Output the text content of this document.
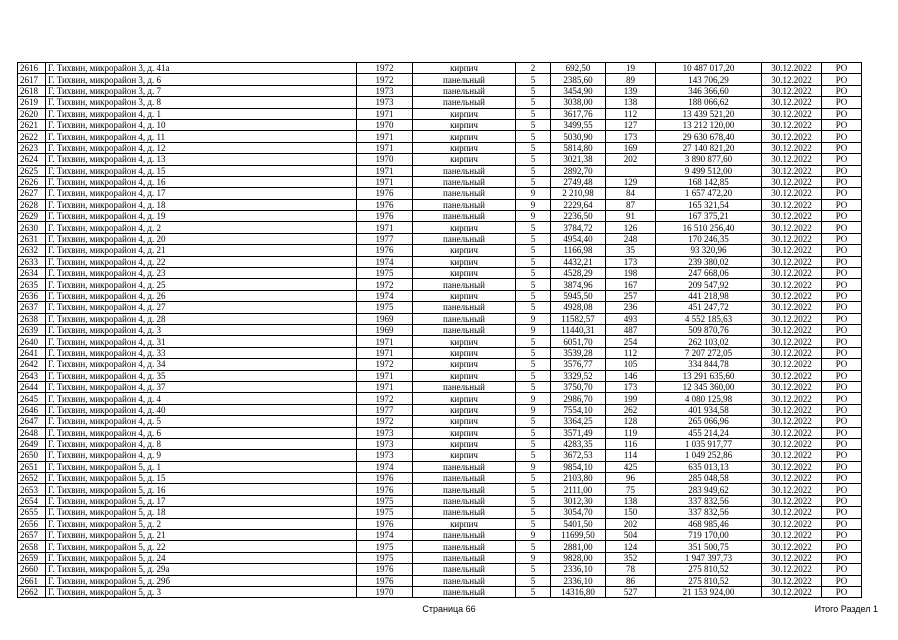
2616	Г. Тихвин, микрорайон 3, д. 41а	1972	кирпич	2	692,50	19	10 487 017,20	30.12.2022	РО
2617	Г. Тихвин, микрорайон 3, д. 6	1972	панельный	5	2385,60	89	143 706,29	30.12.2022	РО
2618	Г. Тихвин, микрорайон 3, д. 7	1973	панельный	5	3454,90	139	346 366,60	30.12.2022	РО
2619	Г. Тихвин, микрорайон 3, д. 8	1973	панельный	5	3038,00	138	188 066,62	30.12.2022	РО
2620	Г. Тихвин, микрорайон 4, д. 1	1971	кирпич	5	3617,76	112	13 439 521,20	30.12.2022	РО
2621	Г. Тихвин, микрорайон 4, д. 10	1970	кирпич	5	3499,55	127	13 212 120,00	30.12.2022	РО
2622	Г. Тихвин, микрорайон 4, д. 11	1971	кирпич	5	5030,90	173	29 630 678,40	30.12.2022	РО
2623	Г. Тихвин, микрорайон 4, д. 12	1971	кирпич	5	5814,80	169	27 140 821,20	30.12.2022	РО
2624	Г. Тихвин, микрорайон 4, д. 13	1970	кирпич	5	3021,38	202	3 890 877,60	30.12.2022	РО
2625	Г. Тихвин, микрорайон 4, д. 15	1971	панельный	5	2892,70		9 499 512,00	30.12.2022	РО
2626	Г. Тихвин, микрорайон 4, д. 16	1971	панельный	5	2749,48	129	168 142,85	30.12.2022	РО
2627	Г. Тихвин, микрорайон 4, д. 17	1976	панельный	9	2 210,98	84	1 657 472,20	30.12.2022	РО
2628	Г. Тихвин, микрорайон 4, д. 18	1976	панельный	9	2229,64	87	165 321,54	30.12.2022	РО
2629	Г. Тихвин, микрорайон 4, д. 19	1976	панельный	9	2236,50	91	167 375,21	30.12.2022	РО
2630	Г. Тихвин, микрорайон 4, д. 2	1971	кирпич	5	3784,72	126	16 510 256,40	30.12.2022	РО
2631	Г. Тихвин, микрорайон 4, д. 20	1977	панельный	5	4954,40	248	170 246,35	30.12.2022	РО
2632	Г. Тихвин, микрорайон 4, д. 21	1976	кирпич	5	1166,98	35	93 320,96	30.12.2022	РО
2633	Г. Тихвин, микрорайон 4, д. 22	1974	кирпич	5	4432,21	173	239 380,02	30.12.2022	РО
2634	Г. Тихвин, микрорайон 4, д. 23	1975	кирпич	5	4528,29	198	247 668,06	30.12.2022	РО
2635	Г. Тихвин, микрорайон 4, д. 25	1972	панельный	5	3874,96	167	209 547,92	30.12.2022	РО
2636	Г. Тихвин, микрорайон 4, д. 26	1974	кирпич	5	5945,50	257	441 218,98	30.12.2022	РО
2637	Г. Тихвин, микрорайон 4, д. 27	1975	панельный	5	4928,08	236	451 247,72	30.12.2022	РО
2638	Г. Тихвин, микрорайон 4, д. 28	1969	панельный	9	11582,57	493	4 552 185,63	30.12.2022	РО
2639	Г. Тихвин, микрорайон 4, д. 3	1969	панельный	9	11440,31	487	509 870,76	30.12.2022	РО
2640	Г. Тихвин, микрорайон 4, д. 31	1971	кирпич	5	6051,70	254	262 103,02	30.12.2022	РО
2641	Г. Тихвин, микрорайон 4, д. 33	1971	кирпич	5	3539,28	112	7 207 272,05	30.12.2022	РО
2642	Г. Тихвин, микрорайон 4, д. 34	1972	кирпич	5	3576,77	105	334 844,78	30.12.2022	РО
2643	Г. Тихвин, микрорайон 4, д. 35	1971	кирпич	5	3329,52	146	13 291 635,60	30.12.2022	РО
2644	Г. Тихвин, микрорайон 4, д. 37	1971	панельный	5	3750,70	173	12 345 360,00	30.12.2022	РО
2645	Г. Тихвин, микрорайон 4, д. 4	1972	кирпич	9	2986,70	199	4 080 125,98	30.12.2022	РО
2646	Г. Тихвин, микрорайон 4, д. 40	1977	кирпич	9	7554,10	262	401 934,58	30.12.2022	РО
2647	Г. Тихвин, микрорайон 4, д. 5	1972	кирпич	5	3364,25	128	265 066,96	30.12.2022	РО
2648	Г. Тихвин, микрорайон 4, д. 6	1973	кирпич	5	3571,49	119	455 214,24	30.12.2022	РО
2649	Г. Тихвин, микрорайон 4, д. 8	1973	кирпич	5	4283,35	116	1 035 917,77	30.12.2022	РО
2650	Г. Тихвин, микрорайон 4, д. 9	1973	кирпич	5	3672,53	114	1 049 252,86	30.12.2022	РО
2651	Г. Тихвин, микрорайон 5, д. 1	1974	панельный	9	9854,10	425	635 013,13	30.12.2022	РО
2652	Г. Тихвин, микрорайон 5, д. 15	1976	панельный	5	2103,80	96	285 048,58	30.12.2022	РО
2653	Г. Тихвин, микрорайон 5, д. 16	1976	панельный	5	2111,00	75	283 949,62	30.12.2022	РО
2654	Г. Тихвин, микрорайон 5, д. 17	1975	панельный	5	3012,30	138	337 832,56	30.12.2022	РО
2655	Г. Тихвин, микрорайон 5, д. 18	1975	панельный	5	3054,70	150	337 832,56	30.12.2022	РО
2656	Г. Тихвин, микрорайон 5, д. 2	1976	кирпич	5	5401,50	202	468 985,46	30.12.2022	РО
2657	Г. Тихвин, микрорайон 5, д. 21	1974	панельный	9	11699,50	504	719 170,00	30.12.2022	РО
2658	Г. Тихвин, микрорайон 5, д. 22	1975	панельный	5	2881,00	124	351 500,75	30.12.2022	РО
2659	Г. Тихвин, микрорайон 5, д. 24	1975	панельный	9	9828,00	352	1 947 397,73	30.12.2022	РО
2660	Г. Тихвин, микрорайон 5, д. 29а	1976	панельный	5	2336,10	78	275 810,52	30.12.2022	РО
2661	Г. Тихвин, микрорайон 5, д. 29б	1976	панельный	5	2336,10	86	275 810,52	30.12.2022	РО
2662	Г. Тихвин, микрорайон 5, д. 3	1970	панельный	5	14316,80	527	21 153 924,00	30.12.2022	РО
Страница 66	Итого Раздел 1
